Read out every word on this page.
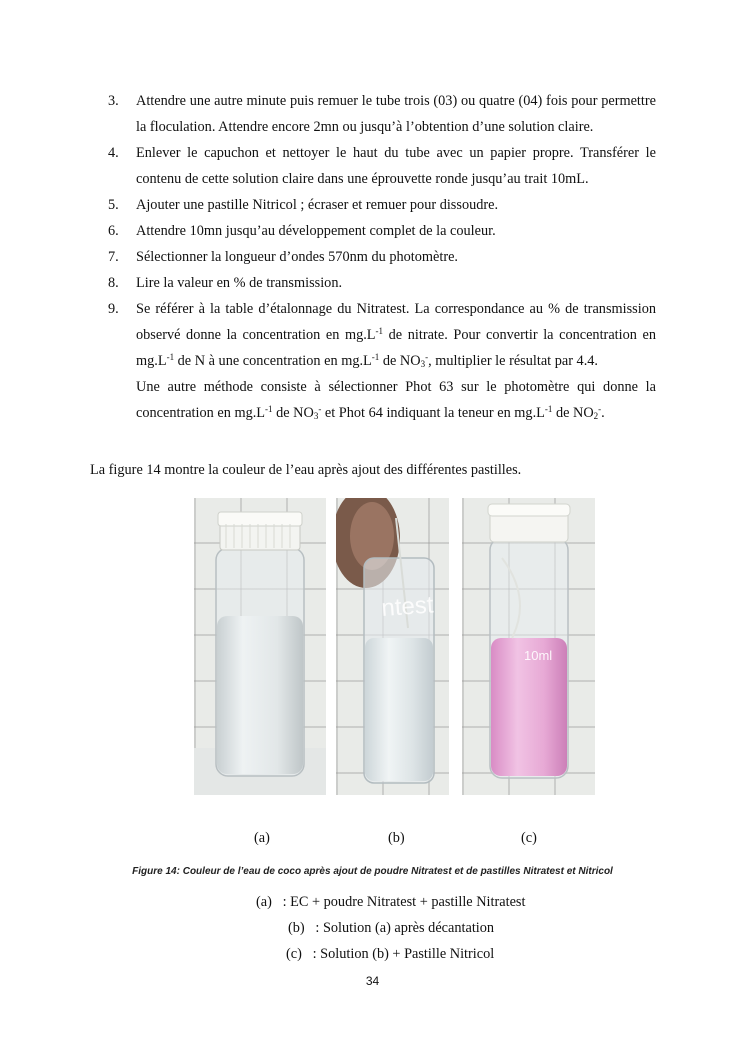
3. Attendre une autre minute puis remuer le tube trois (03) ou quatre (04) fois pour permettre la floculation. Attendre encore 2mn ou jusqu’à l’obtention d’une solution claire.
4. Enlever le capuchon et nettoyer le haut du tube avec un papier propre. Transférer le contenu de cette solution claire dans une éprouvette ronde jusqu’au trait 10mL.
5. Ajouter une pastille Nitricol ; écraser et remuer pour dissoudre.
6. Attendre 10mn jusqu’au développement complet de la couleur.
7. Sélectionner la longueur d’ondes 570nm du photomètre.
8. Lire la valeur en % de transmission.
9. Se référer à la table d’étalonnage du Nitratest. La correspondance au % de transmission observé donne la concentration en $mg.L^{-1}$ de nitrate. Pour convertir la concentration en $mg.L^{-1}$ de N à une concentration en $mg.L^{-1}$ de $NO_3^-$, multiplier le résultat par 4.4.
Une autre méthode consiste à sélectionner Phot 63 sur le photomètre qui donne la concentration en $mg.L^{-1}$ de $NO_3^-$ et Phot 64 indiquant la teneur en $mg.L^{-1}$ de $NO_2^-$.
La figure 14 montre la couleur de l’eau après ajout des différentes pastilles.
ntest
10ml
(a)	(b)	(c)
Figure 14: Couleur de l’eau de coco après ajout de poudre Nitratest et de pastilles Nitratest et Nitricol
(a) : EC + poudre Nitratest + pastille Nitratest
(b) : Solution (a) après décantation
(c) : Solution (b) + Pastille Nitricol
34
